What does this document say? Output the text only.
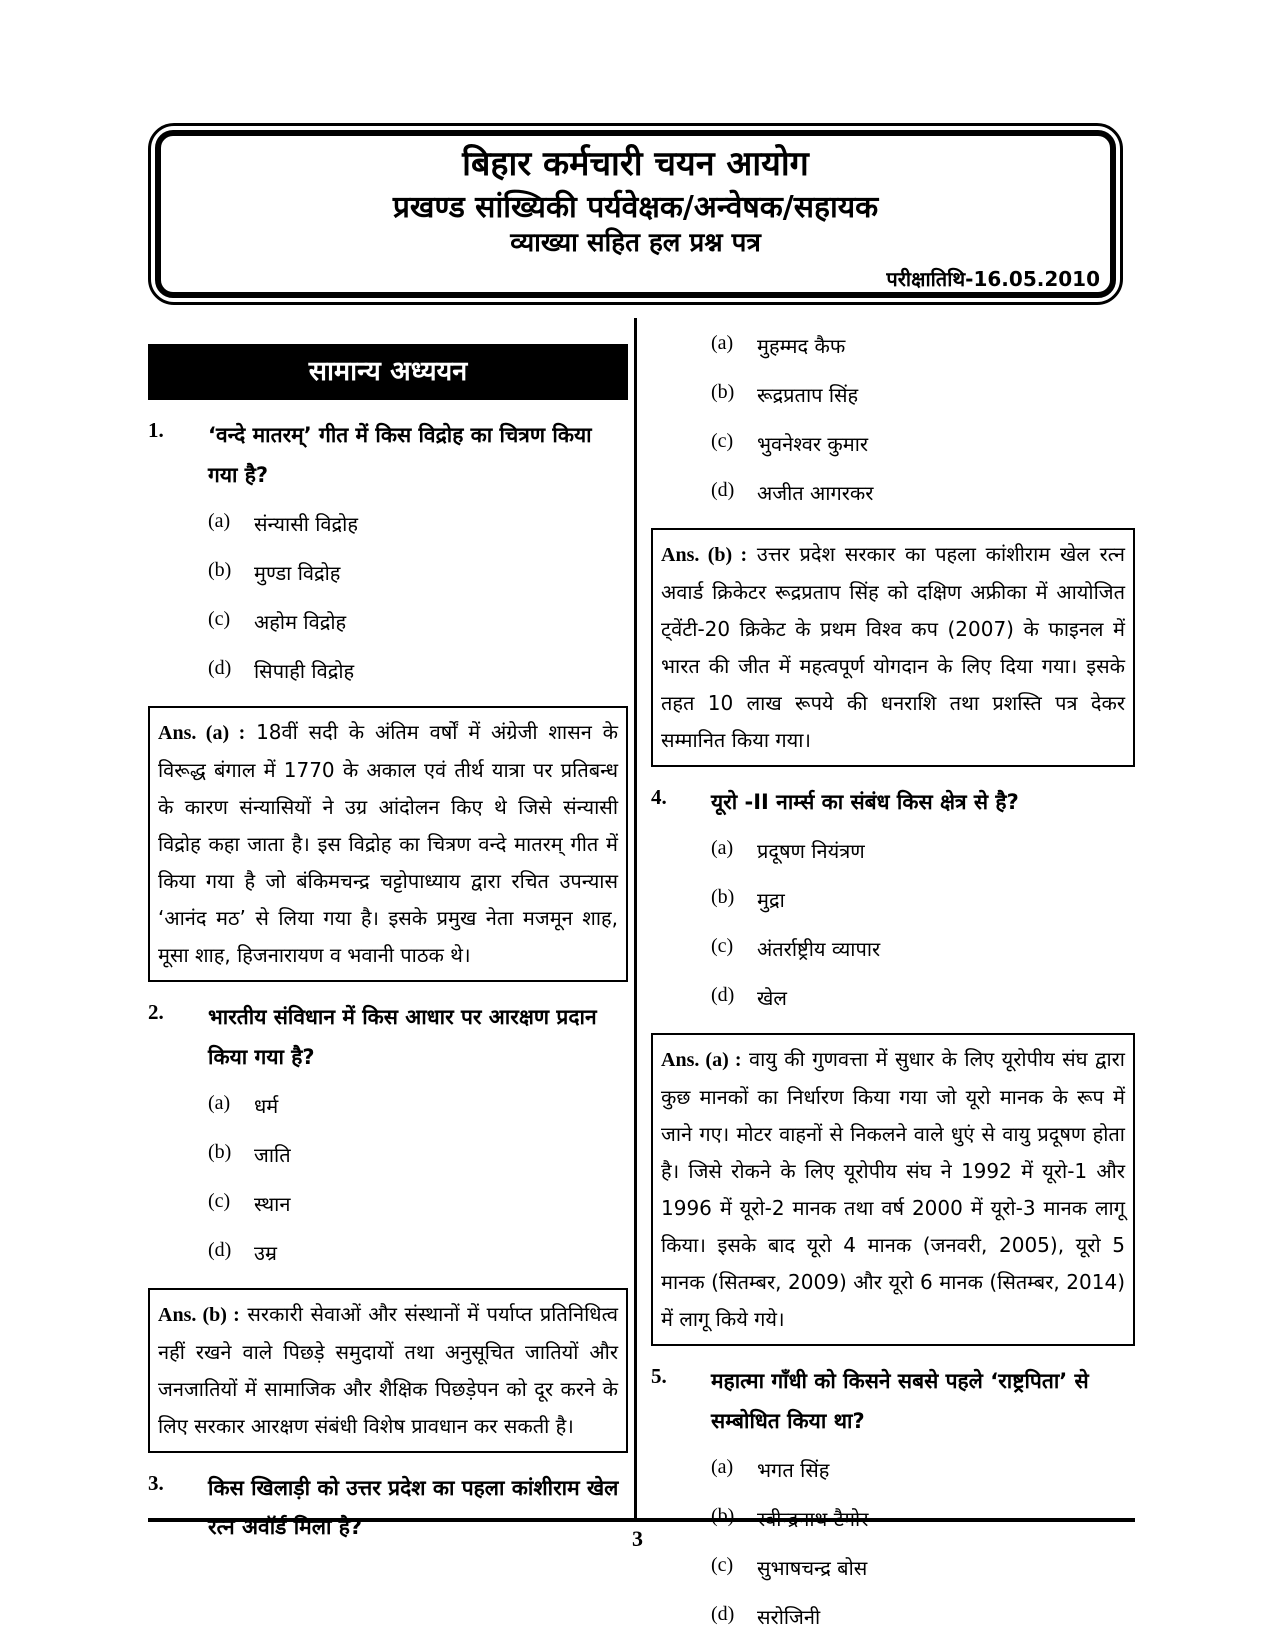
बिहार कर्मचारी चयन आयोग
प्रखण्ड सांख्यिकी पर्यवेक्षक/अन्वेषक/सहायक
व्याख्या सहित हल प्रश्न पत्र
परीक्षातिथि-16.05.2010
सामान्य अध्ययन
1.	‘वन्दे मातरम्’ गीत में किस विद्रोह का चित्रण किया गया है?
(a)	संन्यासी विद्रोह
(b)	मुण्डा विद्रोह
(c)	अहोम विद्रोह
(d)	सिपाही विद्रोह
Ans. (a) : 18वीं सदी के अंतिम वर्षों में अंग्रेजी शासन के विरूद्ध बंगाल में 1770 के अकाल एवं तीर्थ यात्रा पर प्रतिबन्ध के कारण संन्यासियों ने उग्र आंदोलन किए थे जिसे संन्यासी विद्रोह कहा जाता है। इस विद्रोह का चित्रण वन्दे मातरम् गीत में किया गया है जो बंकिमचन्द्र चट्टोपाध्याय द्वारा रचित उपन्यास ‘आनंद मठ’ से लिया गया है। इसके प्रमुख नेता मजमून शाह, मूसा शाह, हिजनारायण व भवानी पाठक थे।
2.	भारतीय संविधान में किस आधार पर आरक्षण प्रदान किया गया है?
(a)	धर्म
(b)	जाति
(c)	स्थान
(d)	उम्र
Ans. (b) : सरकारी सेवाओं और संस्थानों में पर्याप्त प्रतिनिधित्व नहीं रखने वाले पिछड़े समुदायों तथा अनुसूचित जातियों और जनजातियों में सामाजिक और शैक्षिक पिछड़ेपन को दूर करने के लिए सरकार आरक्षण संबंधी विशेष प्रावधान कर सकती है।
3.	किस खिलाड़ी को उत्तर प्रदेश का पहला कांशीराम खेल रत्न अवॉर्ड मिला है?
(a)	मुहम्मद कैफ
(b)	रूद्रप्रताप सिंह
(c)	भुवनेश्वर कुमार
(d)	अजीत आगरकर
Ans. (b) : उत्तर प्रदेश सरकार का पहला कांशीराम खेल रत्न अवार्ड क्रिकेटर रूद्रप्रताप सिंह को दक्षिण अफ्रीका में आयोजित ट्वेंटी-20 क्रिकेट के प्रथम विश्व कप (2007) के फाइनल में भारत की जीत में महत्वपूर्ण योगदान के लिए दिया गया। इसके तहत 10 लाख रूपये की धनराशि तथा प्रशस्ति पत्र देकर सम्मानित किया गया।
4.	यूरो -II नार्म्स का संबंध किस क्षेत्र से है?
(a)	प्रदूषण नियंत्रण
(b)	मुद्रा
(c)	अंतर्राष्ट्रीय व्यापार
(d)	खेल
Ans. (a) : वायु की गुणवत्ता में सुधार के लिए यूरोपीय संघ द्वारा कुछ मानकों का निर्धारण किया गया जो यूरो मानक के रूप में जाने गए। मोटर वाहनों से निकलने वाले धुएं से वायु प्रदूषण होता है। जिसे रोकने के लिए यूरोपीय संघ ने 1992 में यूरो-1 और 1996 में यूरो-2 मानक तथा वर्ष 2000 में यूरो-3 मानक लागू किया। इसके बाद यूरो 4 मानक (जनवरी, 2005), यूरो 5 मानक (सितम्बर, 2009) और यूरो 6 मानक (सितम्बर, 2014) में लागू किये गये।
5.	महात्मा गाँधी को किसने सबसे पहले ‘राष्ट्रपिता’ से सम्बोधित किया था?
(a)	भगत सिंह
(b)	रवीन्द्रनाथ टैगोर
(c)	सुभाषचन्द्र बोस
(d)	सरोजिनी
3
